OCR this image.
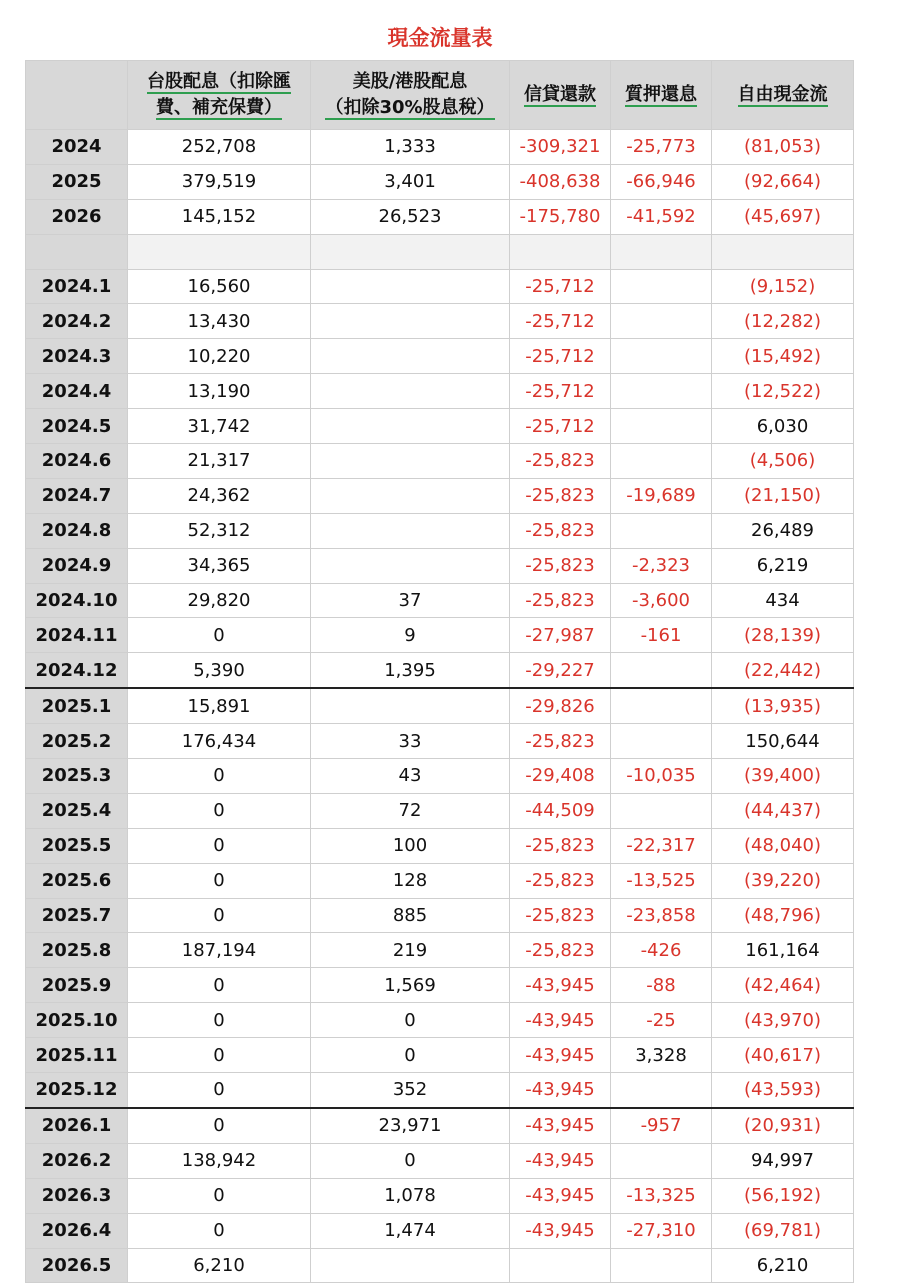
現金流量表
	台股配息（扣除匯
費、補充保費）	美股/港股配息
（扣除30%股息稅）	信貸還款	質押還息	自由現金流
2024	252,708	1,333	-309,321	-25,773	(81,053)
2025	379,519	3,401	-408,638	-66,946	(92,664)
2026	145,152	26,523	-175,780	-41,592	(45,697)

2024.1	16,560		-25,712		(9,152)
2024.2	13,430		-25,712		(12,282)
2024.3	10,220		-25,712		(15,492)
2024.4	13,190		-25,712		(12,522)
2024.5	31,742		-25,712		6,030
2024.6	21,317		-25,823		(4,506)
2024.7	24,362		-25,823	-19,689	(21,150)
2024.8	52,312		-25,823		26,489
2024.9	34,365		-25,823	-2,323	6,219
2024.10	29,820	37	-25,823	-3,600	434
2024.11	0	9	-27,987	-161	(28,139)
2024.12	5,390	1,395	-29,227		(22,442)
2025.1	15,891		-29,826		(13,935)
2025.2	176,434	33	-25,823		150,644
2025.3	0	43	-29,408	-10,035	(39,400)
2025.4	0	72	-44,509		(44,437)
2025.5	0	100	-25,823	-22,317	(48,040)
2025.6	0	128	-25,823	-13,525	(39,220)
2025.7	0	885	-25,823	-23,858	(48,796)
2025.8	187,194	219	-25,823	-426	161,164
2025.9	0	1,569	-43,945	-88	(42,464)
2025.10	0	0	-43,945	-25	(43,970)
2025.11	0	0	-43,945	3,328	(40,617)
2025.12	0	352	-43,945		(43,593)
2026.1	0	23,971	-43,945	-957	(20,931)
2026.2	138,942	0	-43,945		94,997
2026.3	0	1,078	-43,945	-13,325	(56,192)
2026.4	0	1,474	-43,945	-27,310	(69,781)
2026.5	6,210				6,210
